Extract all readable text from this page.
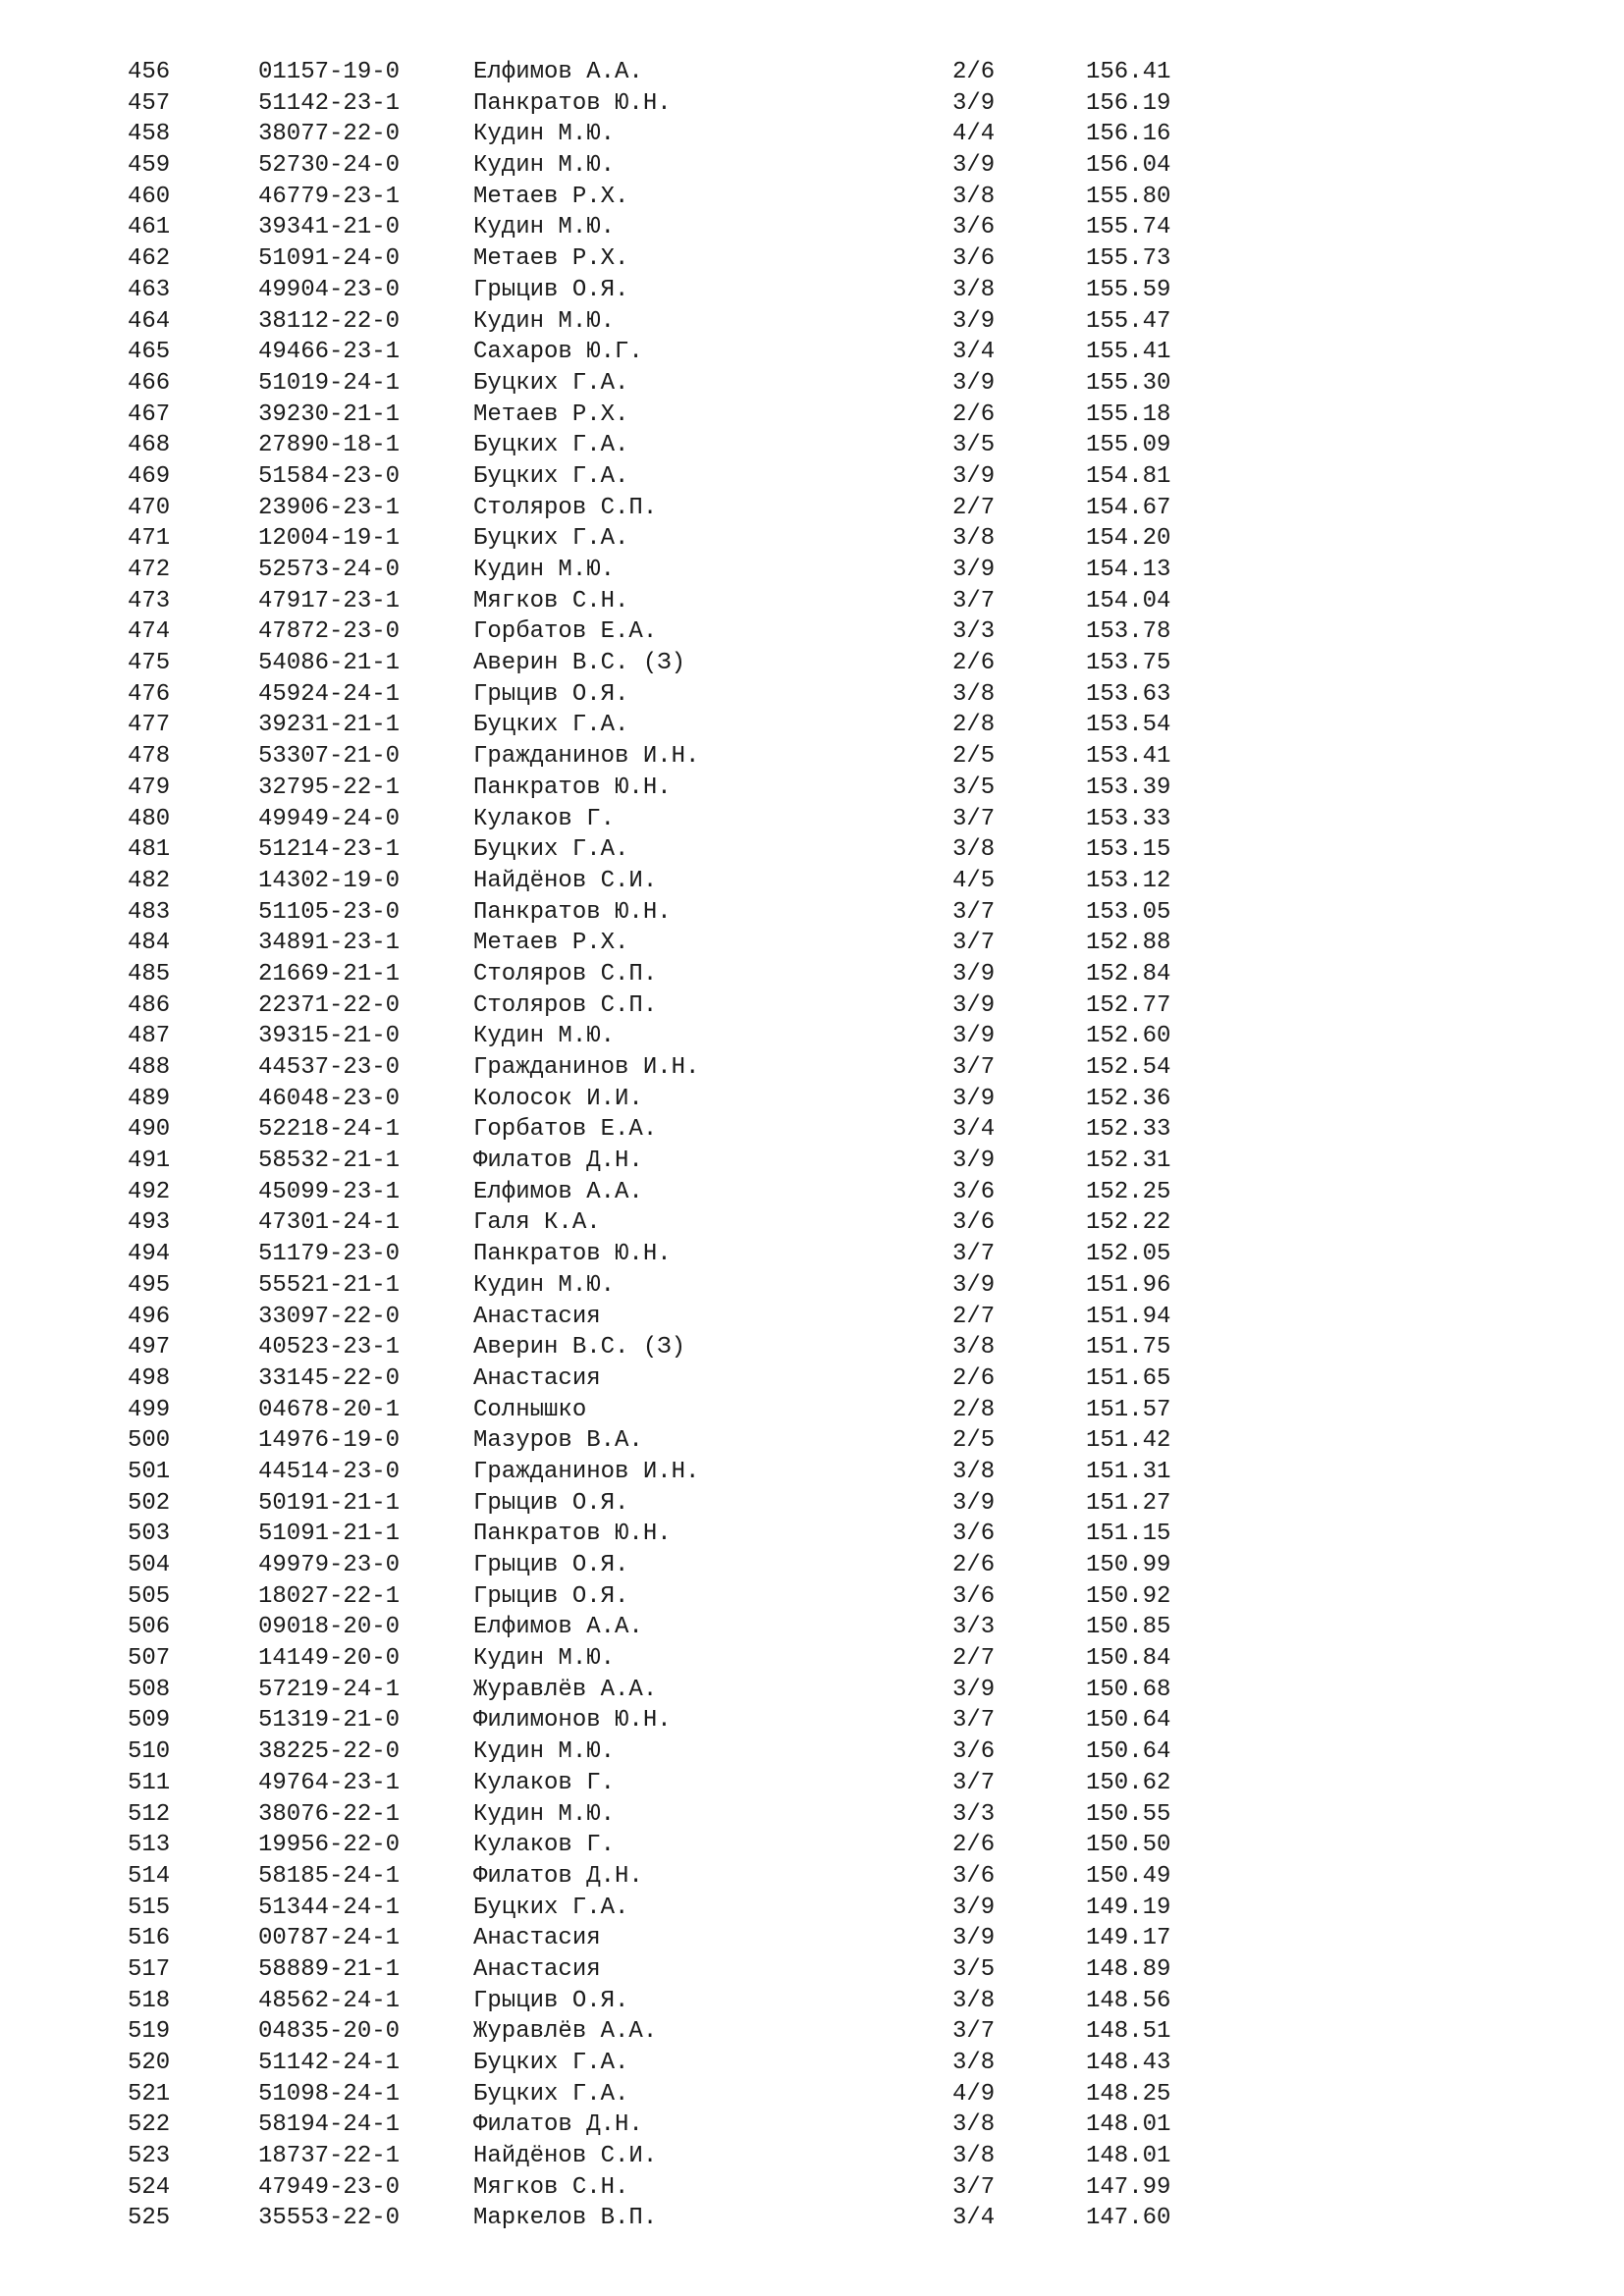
456	01157-19-0	Елфимов А.А.	2/6	156.41
457	51142-23-1	Панкратов Ю.Н.	3/9	156.19
458	38077-22-0	Кудин М.Ю.	4/4	156.16
459	52730-24-0	Кудин М.Ю.	3/9	156.04
460	46779-23-1	Метаев Р.Х.	3/8	155.80
461	39341-21-0	Кудин М.Ю.	3/6	155.74
462	51091-24-0	Метаев Р.Х.	3/6	155.73
463	49904-23-0	Грыцив О.Я.	3/8	155.59
464	38112-22-0	Кудин М.Ю.	3/9	155.47
465	49466-23-1	Сахаров Ю.Г.	3/4	155.41
466	51019-24-1	Буцких Г.А.	3/9	155.30
467	39230-21-1	Метаев Р.Х.	2/6	155.18
468	27890-18-1	Буцких Г.А.	3/5	155.09
469	51584-23-0	Буцких Г.А.	3/9	154.81
470	23906-23-1	Столяров С.П.	2/7	154.67
471	12004-19-1	Буцких Г.А.	3/8	154.20
472	52573-24-0	Кудин М.Ю.	3/9	154.13
473	47917-23-1	Мягков С.Н.	3/7	154.04
474	47872-23-0	Горбатов Е.А.	3/3	153.78
475	54086-21-1	Аверин В.С. (З)	2/6	153.75
476	45924-24-1	Грыцив О.Я.	3/8	153.63
477	39231-21-1	Буцких Г.А.	2/8	153.54
478	53307-21-0	Гражданинов И.Н.	2/5	153.41
479	32795-22-1	Панкратов Ю.Н.	3/5	153.39
480	49949-24-0	Кулаков Г.	3/7	153.33
481	51214-23-1	Буцких Г.А.	3/8	153.15
482	14302-19-0	Найдёнов С.И.	4/5	153.12
483	51105-23-0	Панкратов Ю.Н.	3/7	153.05
484	34891-23-1	Метаев Р.Х.	3/7	152.88
485	21669-21-1	Столяров С.П.	3/9	152.84
486	22371-22-0	Столяров С.П.	3/9	152.77
487	39315-21-0	Кудин М.Ю.	3/9	152.60
488	44537-23-0	Гражданинов И.Н.	3/7	152.54
489	46048-23-0	Колосок И.И.	3/9	152.36
490	52218-24-1	Горбатов Е.А.	3/4	152.33
491	58532-21-1	Филатов Д.Н.	3/9	152.31
492	45099-23-1	Елфимов А.А.	3/6	152.25
493	47301-24-1	Галя К.А.	3/6	152.22
494	51179-23-0	Панкратов Ю.Н.	3/7	152.05
495	55521-21-1	Кудин М.Ю.	3/9	151.96
496	33097-22-0	Анастасия	2/7	151.94
497	40523-23-1	Аверин В.С. (З)	3/8	151.75
498	33145-22-0	Анастасия	2/6	151.65
499	04678-20-1	Солнышко	2/8	151.57
500	14976-19-0	Мазуров В.А.	2/5	151.42
501	44514-23-0	Гражданинов И.Н.	3/8	151.31
502	50191-21-1	Грыцив О.Я.	3/9	151.27
503	51091-21-1	Панкратов Ю.Н.	3/6	151.15
504	49979-23-0	Грыцив О.Я.	2/6	150.99
505	18027-22-1	Грыцив О.Я.	3/6	150.92
506	09018-20-0	Елфимов А.А.	3/3	150.85
507	14149-20-0	Кудин М.Ю.	2/7	150.84
508	57219-24-1	Журавлёв А.А.	3/9	150.68
509	51319-21-0	Филимонов Ю.Н.	3/7	150.64
510	38225-22-0	Кудин М.Ю.	3/6	150.64
511	49764-23-1	Кулаков Г.	3/7	150.62
512	38076-22-1	Кудин М.Ю.	3/3	150.55
513	19956-22-0	Кулаков Г.	2/6	150.50
514	58185-24-1	Филатов Д.Н.	3/6	150.49
515	51344-24-1	Буцких Г.А.	3/9	149.19
516	00787-24-1	Анастасия	3/9	149.17
517	58889-21-1	Анастасия	3/5	148.89
518	48562-24-1	Грыцив О.Я.	3/8	148.56
519	04835-20-0	Журавлёв А.А.	3/7	148.51
520	51142-24-1	Буцких Г.А.	3/8	148.43
521	51098-24-1	Буцких Г.А.	4/9	148.25
522	58194-24-1	Филатов Д.Н.	3/8	148.01
523	18737-22-1	Найдёнов С.И.	3/8	148.01
524	47949-23-0	Мягков С.Н.	3/7	147.99
525	35553-22-0	Маркелов В.П.	3/4	147.60
